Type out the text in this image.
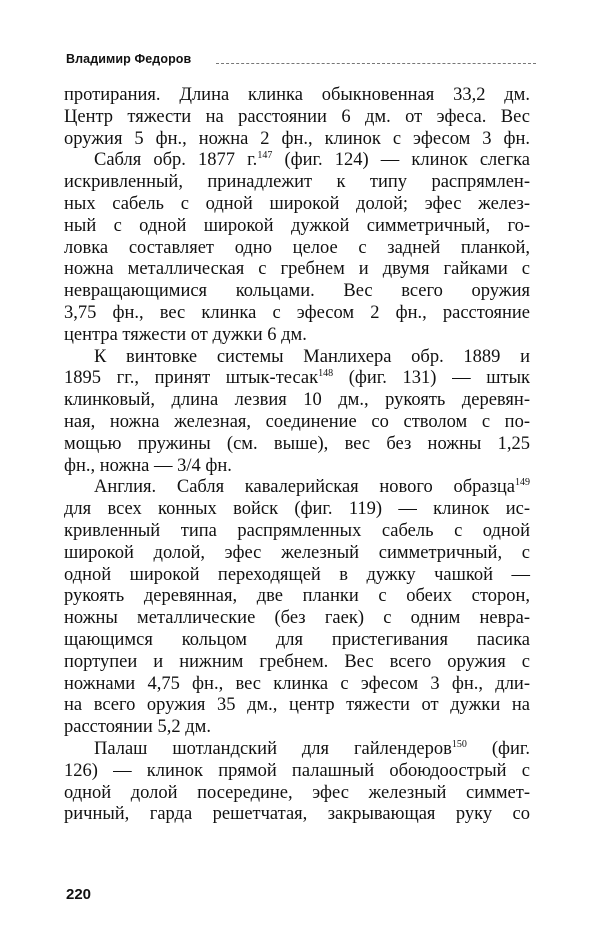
Владимир Федоров

протирания. Длина клинка обыкновенная 33,2 дм.
Центр тяжести на расстоянии 6 дм. от эфеса. Вес
оружия 5 фн., ножна 2 фн., клинок с эфесом 3 фн.

Сабля обр. 1877 г.$^{147}$ (фиг. 124) — клинок слегка
искривленный, принадлежит к типу распрямлен-
ных сабель с одной широкой долой; эфес желез-
ный с одной широкой дужкой симметричный, го-
ловка составляет одно целое с задней планкой,
ножна металлическая с гребнем и двумя гайками с
невращающимися кольцами. Вес всего оружия
3,75 фн., вес клинка с эфесом 2 фн., расстояние
центра тяжести от дужки 6 дм.

К винтовке системы Манлихера обр. 1889 и
1895 гг., принят штык-тесак$^{148}$ (фиг. 131) — штык
клинковый, длина лезвия 10 дм., рукоять деревян-
ная, ножна железная, соединение со стволом с по-
мощью пружины (см. выше), вес без ножны 1,25
фн., ножна — 3/4 фн.

Англия. Сабля кавалерийская нового образца$^{149}$
для всех конных войск (фиг. 119) — клинок ис-
кривленный типа распрямленных сабель с одной
широкой долой, эфес железный симметричный, с
одной широкой переходящей в дужку чашкой —
рукоять деревянная, две планки с обеих сторон,
ножны металлические (без гаек) с одним невра-
щающимся кольцом для пристегивания пасика
портупеи и нижним гребнем. Вес всего оружия с
ножнами 4,75 фн., вес клинка с эфесом 3 фн., дли-
на всего оружия 35 дм., центр тяжести от дужки на
расстоянии 5,2 дм.

Палаш шотландский для гайлендеров$^{150}$ (фиг.
126) — клинок прямой палашный обоюдоострый с
одной долой посередине, эфес железный симмет-
ричный, гарда решетчатая, закрывающая руку со

220
